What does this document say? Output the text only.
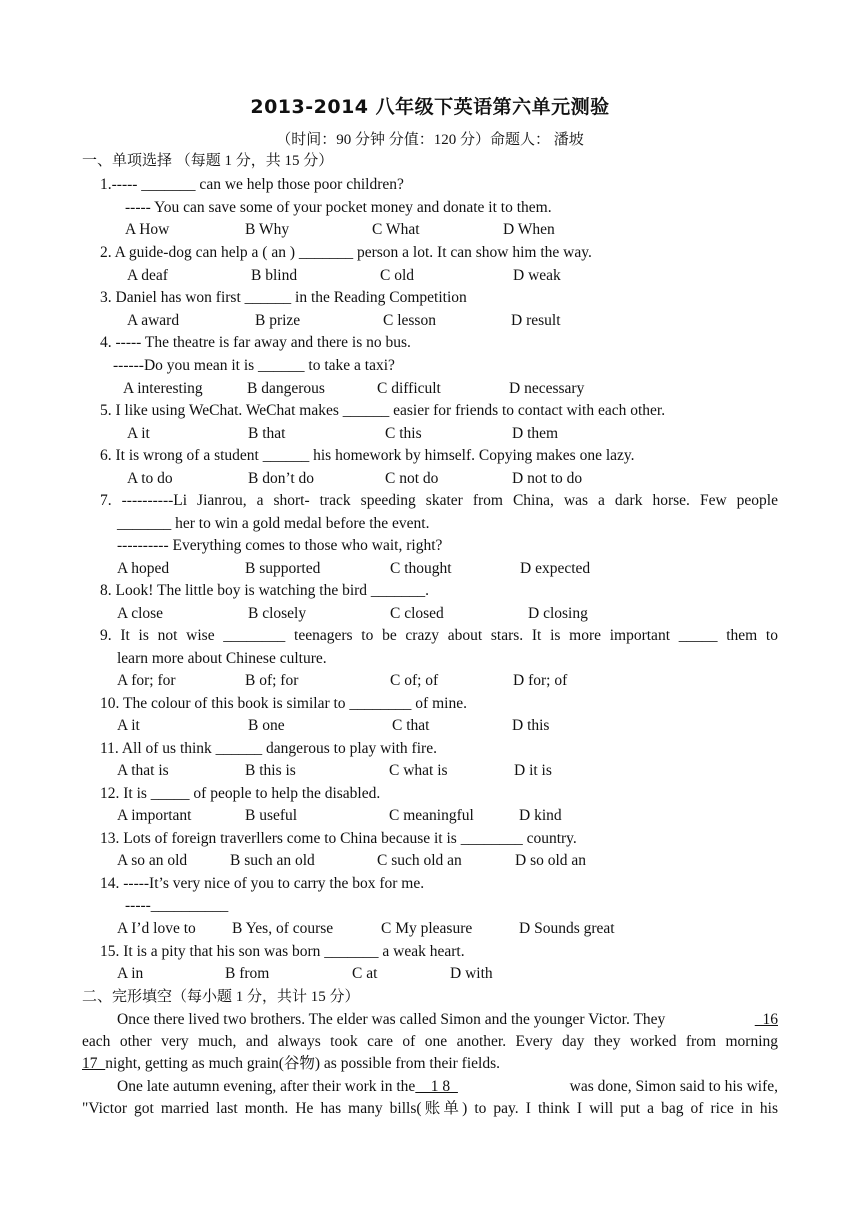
2013-2014 八年级下英语第六单元测验
（时间：90 分钟 分值：120 分）命题人： 潘坡
一、单项选择 （每题 1 分，共 15 分）
1.----- _______ can we help those poor children?
----- You can save some of your pocket money and donate it to them.
A How	B Why	C What	D When
2. A guide-dog can help a ( an ) _______ person a lot. It can show him the way.
A deaf	B blind	C old	D weak
3. Daniel has won first ______ in the Reading Competition
A award	B prize	C lesson	D result
4. ----- The theatre is far away and there is no bus.
------Do you mean it is ______ to take a taxi?
A interesting	B dangerous	C difficult	D necessary
5. I like using WeChat. WeChat makes ______ easier for friends to contact with each other.
A it	B that	C this	D them
6. It is wrong of a student ______ his homework by himself. Copying makes one lazy.
A to do	B don’t do	C not do	D not to do
7. ----------Li Jianrou, a short- track speeding skater from China, was a dark horse. Few people
_______ her to win a gold medal before the event.
---------- Everything comes to those who wait, right?
A hoped	B supported	C thought	D expected
8. Look! The little boy is watching the bird _______.
A close	B closely	C closed	D closing
9. It is not wise ________ teenagers to be crazy about stars. It is more important _____ them to
learn more about Chinese culture.
A for; for	B of; for	C of; of	D for; of
10. The colour of this book is similar to ________ of mine.
A it	B one	C that	D this
11. All of us think ______ dangerous to play with fire.
A that is	B this is	C what is	D it is
12. It is _____ of people to help the disabled.
A important	B useful	C meaningful	D kind
13. Lots of foreign traverllers come to China because it is ________ country.
A so an old	B such an old	C such old an	D so old an
14. -----It’s very nice of you to carry the box for me.
-----__________
A I’d love to B Yes, of course	C My pleasure	D Sounds great
15. It is a pity that his son was born _______ a weak heart.
A in	B from	C at	D with
二、完形填空（每小题 1 分，共计 15 分）
Once there lived two brothers. The elder was called Simon and the younger Victor. They	16
each other very much, and always took care of one another. Every day they worked from morning
17  night, getting as much grain(谷物) as possible from their fields.
One late autumn evening, after their work in the    1 8	was done, Simon said to his wife,
"Victor got married last month. He has many bills(账单) to pay. I think I will put a bag of rice in his
